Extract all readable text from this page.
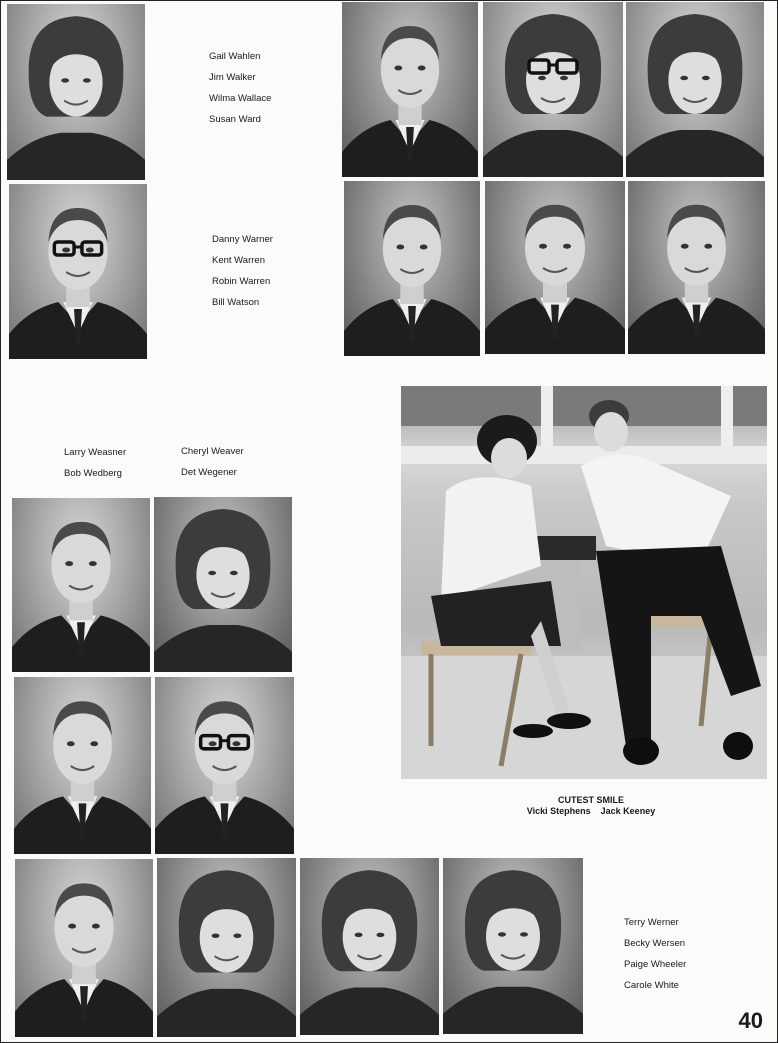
Gail Wahlen
Jim Walker
Wilma Wallace
Susan Ward
Danny Warner
Kent Warren
Robin Warren
Bill Watson
Larry Weasner
Bob Wedberg
Cheryl Weaver
Det Wegener
CUTEST SMILE
Vicki Stephens    Jack Keeney
Terry Werner
Becky Wersen
Paige Wheeler
Carole White
40
